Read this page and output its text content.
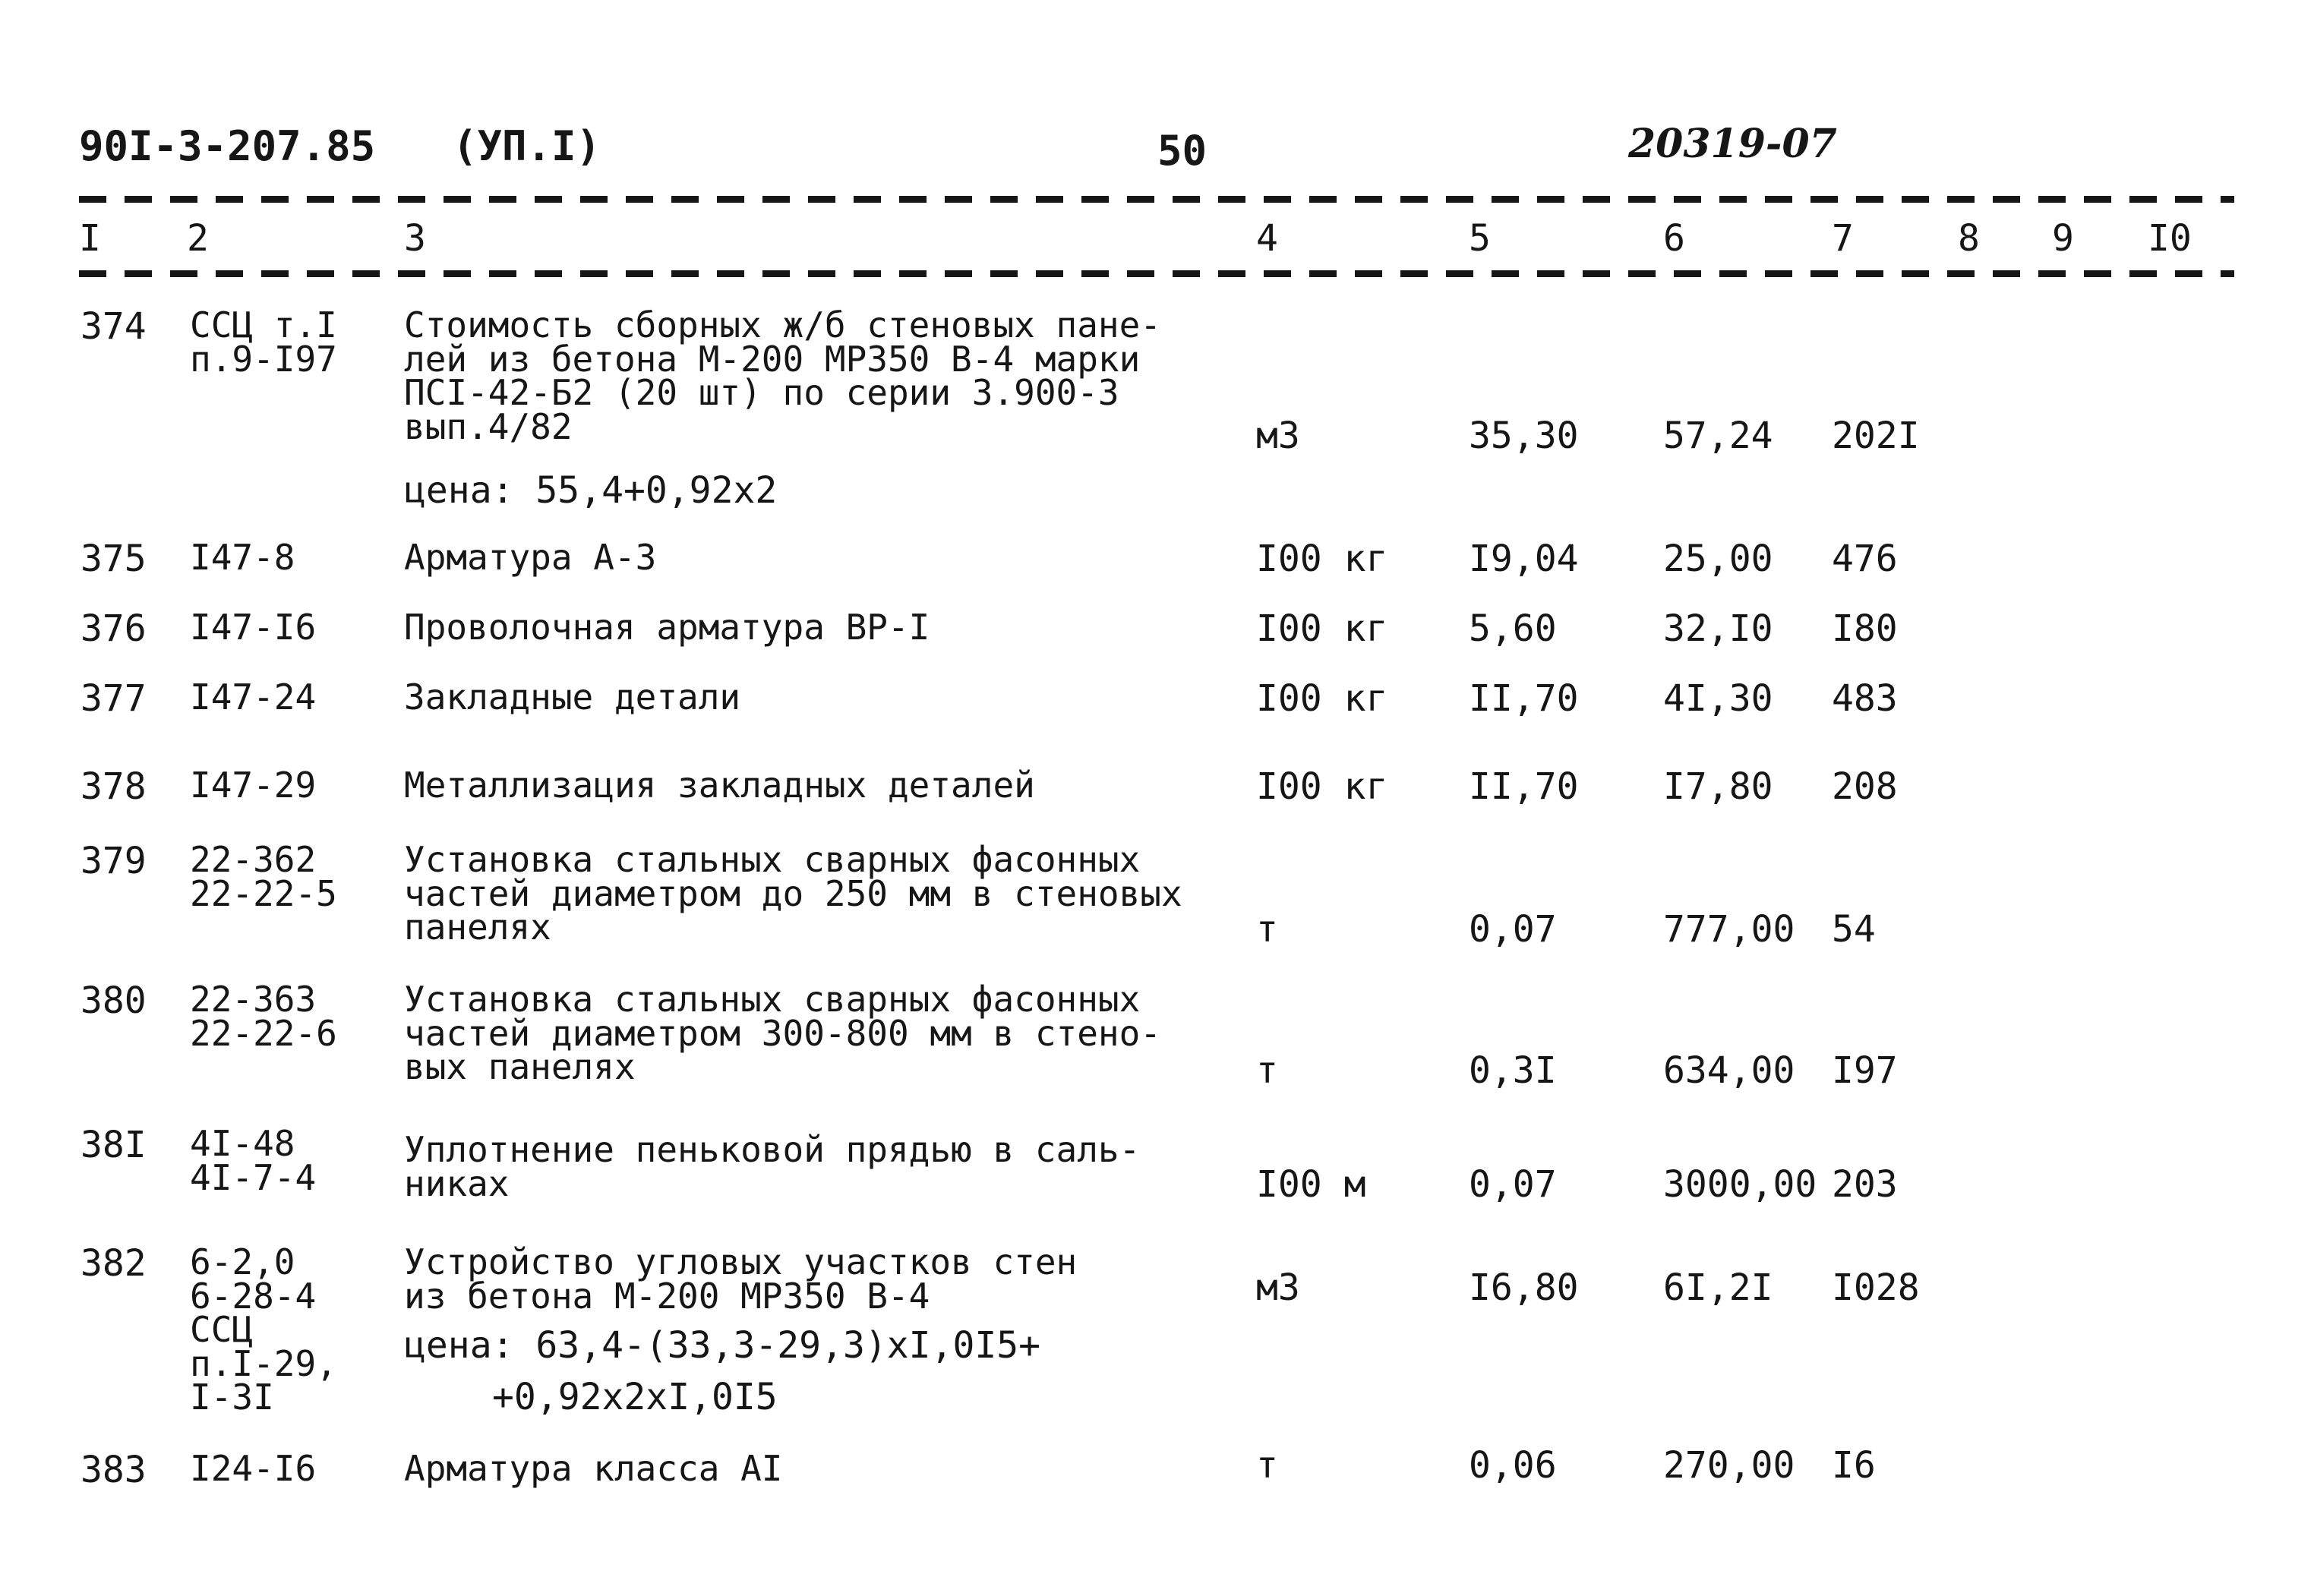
90I-3-207.85 (УП.I)	50	20319-07
I 2	3	4	5	6	7	8 9 I0
374 ССЦ т.I
п.9-I97
Стоимость сборных ж/б стеновых пане-
лей из бетона М-200 МР350 В-4 марки
ПСI-42-Б2 (20 шт) по серии 3.900-3
вып.4/82
цена: 55,4+0,92х2
м3	35,30 57,24 202I
375 I47-8	Арматура А-3	I00 кг I9,04 25,00 476
376 I47-I6	Проволочная арматура ВР-I	I00 кг 5,60	32,I0 I80
377 I47-24	Закладные детали	I00 кг II,70 4I,30 483
378 I47-29	Металлизация закладных деталей	I00 кг II,70 I7,80 208
379 22-362
22-22-5
Установка стальных сварных фасонных
частей диаметром до 250 мм в стеновых
панелях	т	0,07	777,00 54
380 22-363
22-22-6
Установка стальных сварных фасонных
частей диаметром 300-800 мм в стено-
вых панелях	т	0,3I	634,00 I97
38I 4I-48
4I-7-4
Уплотнение пеньковой прядью в саль-
никах	I00 м	0,07	3000,00 203
382 6-2,0
6-28-4
ССЦ
п.I-29,
I-3I
Устройство угловых участков стен
из бетона М-200 МР350 В-4
цена: 63,4-(33,3-29,3)хI,0I5+
+0,92х2хI,0I5
м3	I6,80 6I,2I I028
383 I24-I6	Арматура класса АI	т	0,06	270,00 I6
